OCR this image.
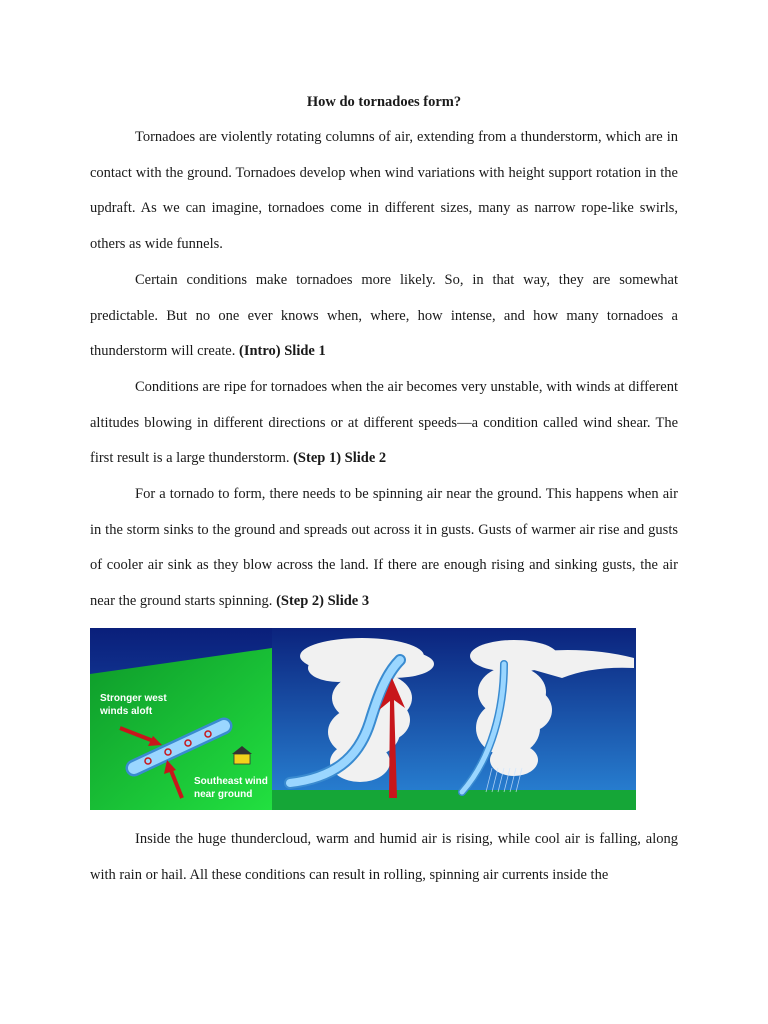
How do tornadoes form?

Tornadoes are violently rotating columns of air, extending from a thunderstorm, which are in contact with the ground. Tornadoes develop when wind variations with height support rotation in the updraft. As we can imagine, tornadoes come in different sizes, many as narrow rope-like swirls, others as wide funnels.

Certain conditions make tornadoes more likely. So, in that way, they are somewhat predictable. But no one ever knows when, where, how intense, and how many tornadoes a thunderstorm will create. (Intro) Slide 1

Conditions are ripe for tornadoes when the air becomes very unstable, with winds at different altitudes blowing in different directions or at different speeds—a condition called wind shear. The first result is a large thunderstorm. (Step 1) Slide 2

For a tornado to form, there needs to be spinning air near the ground. This happens when air in the storm sinks to the ground and spreads out across it in gusts. Gusts of warmer air rise and gusts of cooler air sink as they blow across the land. If there are enough rising and sinking gusts, the air near the ground starts spinning. (Step 2) Slide 3

Stronger west
winds aloft
Southeast wind
near ground

Inside the huge thundercloud, warm and humid air is rising, while cool air is falling, along with rain or hail. All these conditions can result in rolling, spinning air currents inside the
